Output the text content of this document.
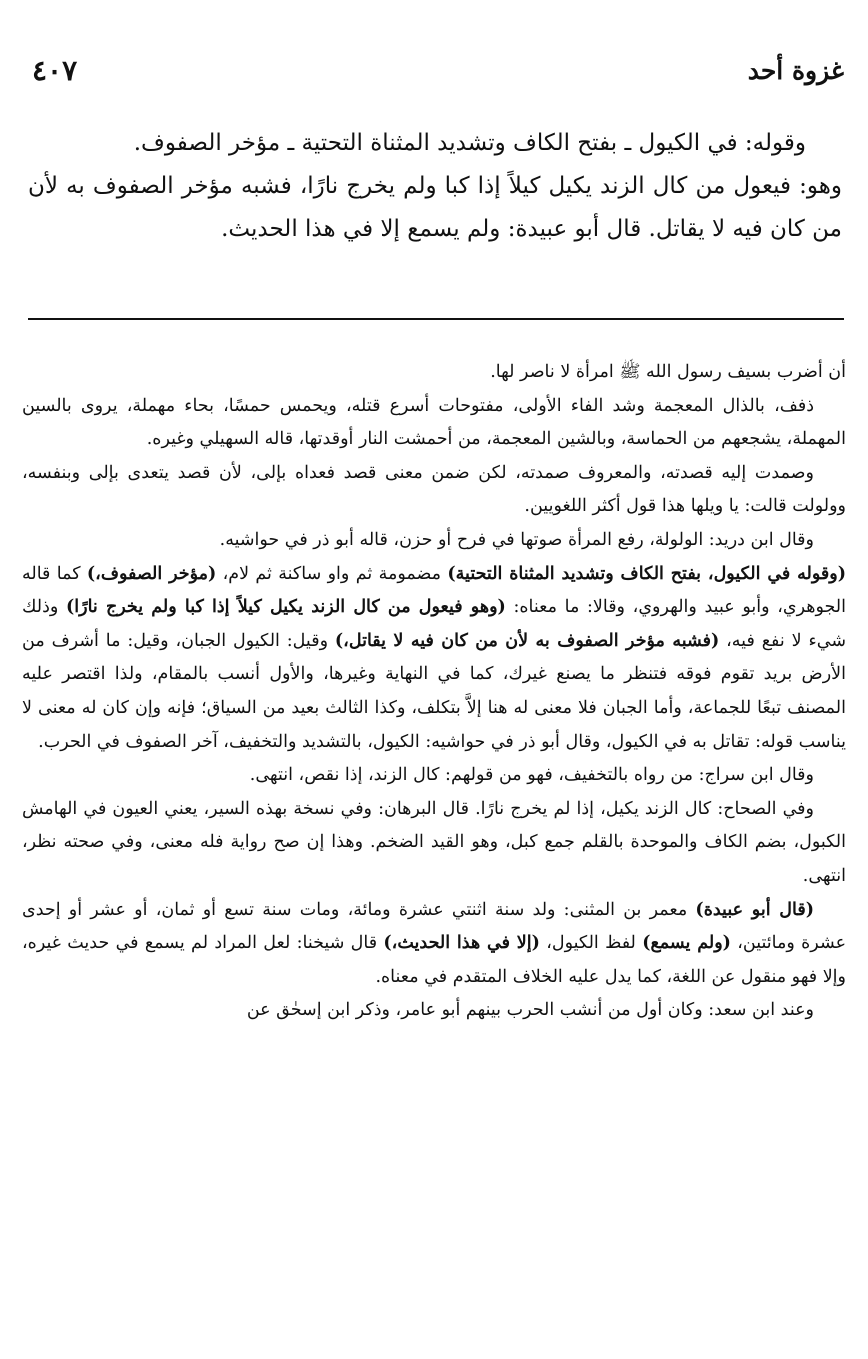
غزوة أحد
٤٠٧

وقوله: في الكيول ـ بفتح الكاف وتشديد المثناة التحتية ـ مؤخر الصفوف.

وهو: فيعول من كال الزند يكيل كيلاً إذا كبا ولم يخرج نارًا، فشبه مؤخر الصفوف به لأن من كان فيه لا يقاتل. قال أبو عبيدة: ولم يسمع إلا في هذا الحديث.

أن أضرب بسيف رسول الله ﷺ امرأة لا ناصر لها.

ذفف، بالذال المعجمة وشد الفاء الأولى، مفتوحات أسرع قتله، ويحمس حمسًا، بحاء مهملة، يروى بالسين المهملة، يشجعهم من الحماسة، وبالشين المعجمة، من أحمشت النار أوقدتها، قاله السهيلي وغيره.

وصمدت إليه قصدته، والمعروف صمدته، لكن ضمن معنى قصد فعداه بإلى، لأن قصد يتعدى بإلى وبنفسه، وولولت قالت: يا ويلها هذا قول أكثر اللغويين.

وقال ابن دريد: الولولة، رفع المرأة صوتها في فرح أو حزن، قاله أبو ذر في حواشيه.

(وقوله في الكيول، بفتح الكاف وتشديد المثناة التحتية) مضمومة ثم واو ساكنة ثم لام، (مؤخر الصفوف،) كما قاله الجوهري، وأبو عبيد والهروي، وقالا: ما معناه: (وهو فيعول من كال الزند يكيل كيلاً إذا كبا ولم يخرج نارًا) وذلك شيء لا نفع فيه، (فشبه مؤخر الصفوف به لأن من كان فيه لا يقاتل،) وقيل: الكيول الجبان، وقيل: ما أشرف من الأرض بريد تقوم فوقه فتنظر ما يصنع غيرك، كما في النهاية وغيرها، والأول أنسب بالمقام، ولذا اقتصر عليه المصنف تبعًا للجماعة، وأما الجبان فلا معنى له هنا إلاَّ بتكلف، وكذا الثالث بعيد من السياق؛ فإنه وإن كان له معنى لا يناسب قوله: تقاتل به في الكيول، وقال أبو ذر في حواشيه: الكيول، بالتشديد والتخفيف، آخر الصفوف في الحرب.

وقال ابن سراج: من رواه بالتخفيف، فهو من قولهم: كال الزند، إذا نقص، انتهى.

وفي الصحاح: كال الزند يكيل، إذا لم يخرج نارًا. قال البرهان: وفي نسخة بهذه السير، يعني العيون في الهامش الكبول، بضم الكاف والموحدة بالقلم جمع كبل، وهو القيد الضخم. وهذا إن صح رواية فله معنى، وفي صحته نظر، انتهى.

(قال أبو عبيدة) معمر بن المثنى: ولد سنة اثنتي عشرة ومائة، ومات سنة تسع أو ثمان، أو عشر أو إحدى عشرة ومائتين، (ولم يسمع) لفظ الكيول، (إلا في هذا الحديث،) قال شيخنا: لعل المراد لم يسمع في حديث غيره، وإلا فهو منقول عن اللغة، كما يدل عليه الخلاف المتقدم في معناه.

وعند ابن سعد: وكان أول من أنشب الحرب بينهم أبو عامر، وذكر ابن إسحٰق عن
